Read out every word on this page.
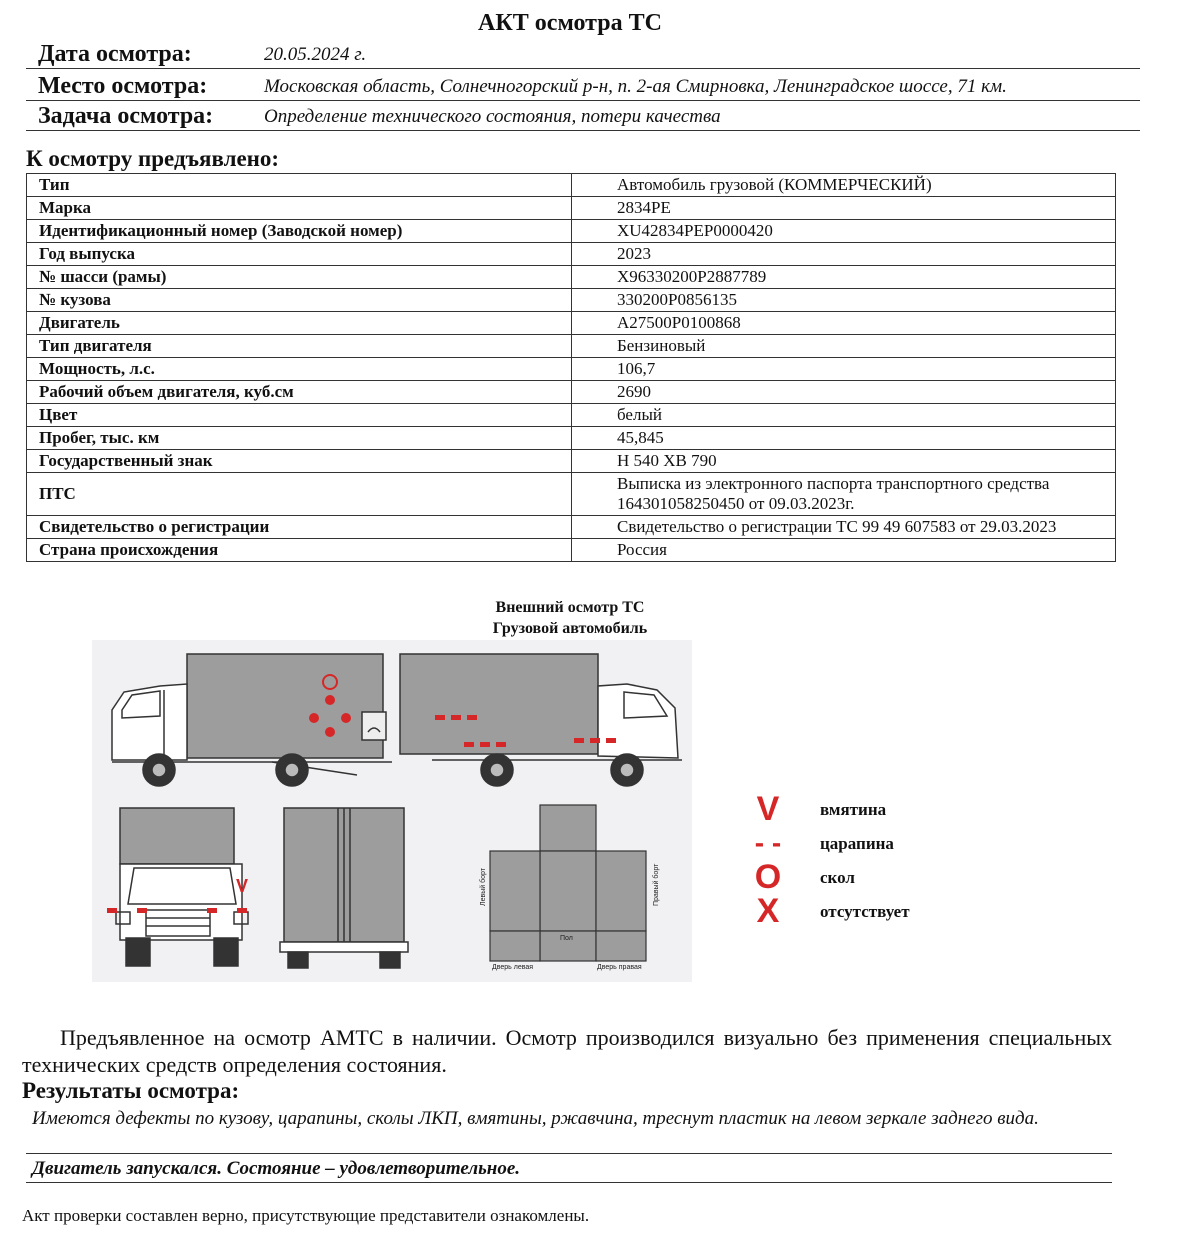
АКТ осмотра ТС
Дата осмотра:	20.05.2024 г.
Место осмотра:	Московская область, Солнечногорский р-н, п. 2-ая Смирновка, Ленинградское шоссе, 71 км.
Задача осмотра:	Определение технического состояния, потери качества
К осмотру предъявлено:
Тип	Автомобиль грузовой (КОММЕРЧЕСКИЙ)
Марка	2834РЕ
Идентификационный номер (Заводской номер)	XU42834PEP0000420
Год выпуска	2023
№ шасси (рамы)	X96330200P2887789
№ кузова	330200P0856135
Двигатель	A27500P0100868
Тип двигателя	Бензиновый
Мощность, л.с.	106,7
Рабочий объем двигателя, куб.см	2690
Цвет	белый
Пробег, тыс. км	45,845
Государственный знак	Н 540 ХВ 790
ПТС	Выписка из электронного паспорта транспортного средства 164301058250450 от 09.03.2023г.
Свидетельство о регистрации	Свидетельство о регистрации ТС 99 49 607583 от 29.03.2023
Страна происхождения	Россия
Внешний осмотр ТС
Грузовой автомобиль
V	Левый борт	Правый борт
Пол
Дверь левая	Дверь правая
V	вмятина
- -	царапина
O	скол
X	отсутствует
Предъявленное на осмотр АМТС в наличии. Осмотр производился визуально без применения специальных технических средств определения состояния.
Результаты осмотра:
Имеются дефекты по кузову, царапины, сколы ЛКП, вмятины, ржавчина, треснут пластик на левом зеркале заднего вида.
Двигатель запускался. Состояние – удовлетворительное.
Акт проверки составлен верно, присутствующие представители ознакомлены.
